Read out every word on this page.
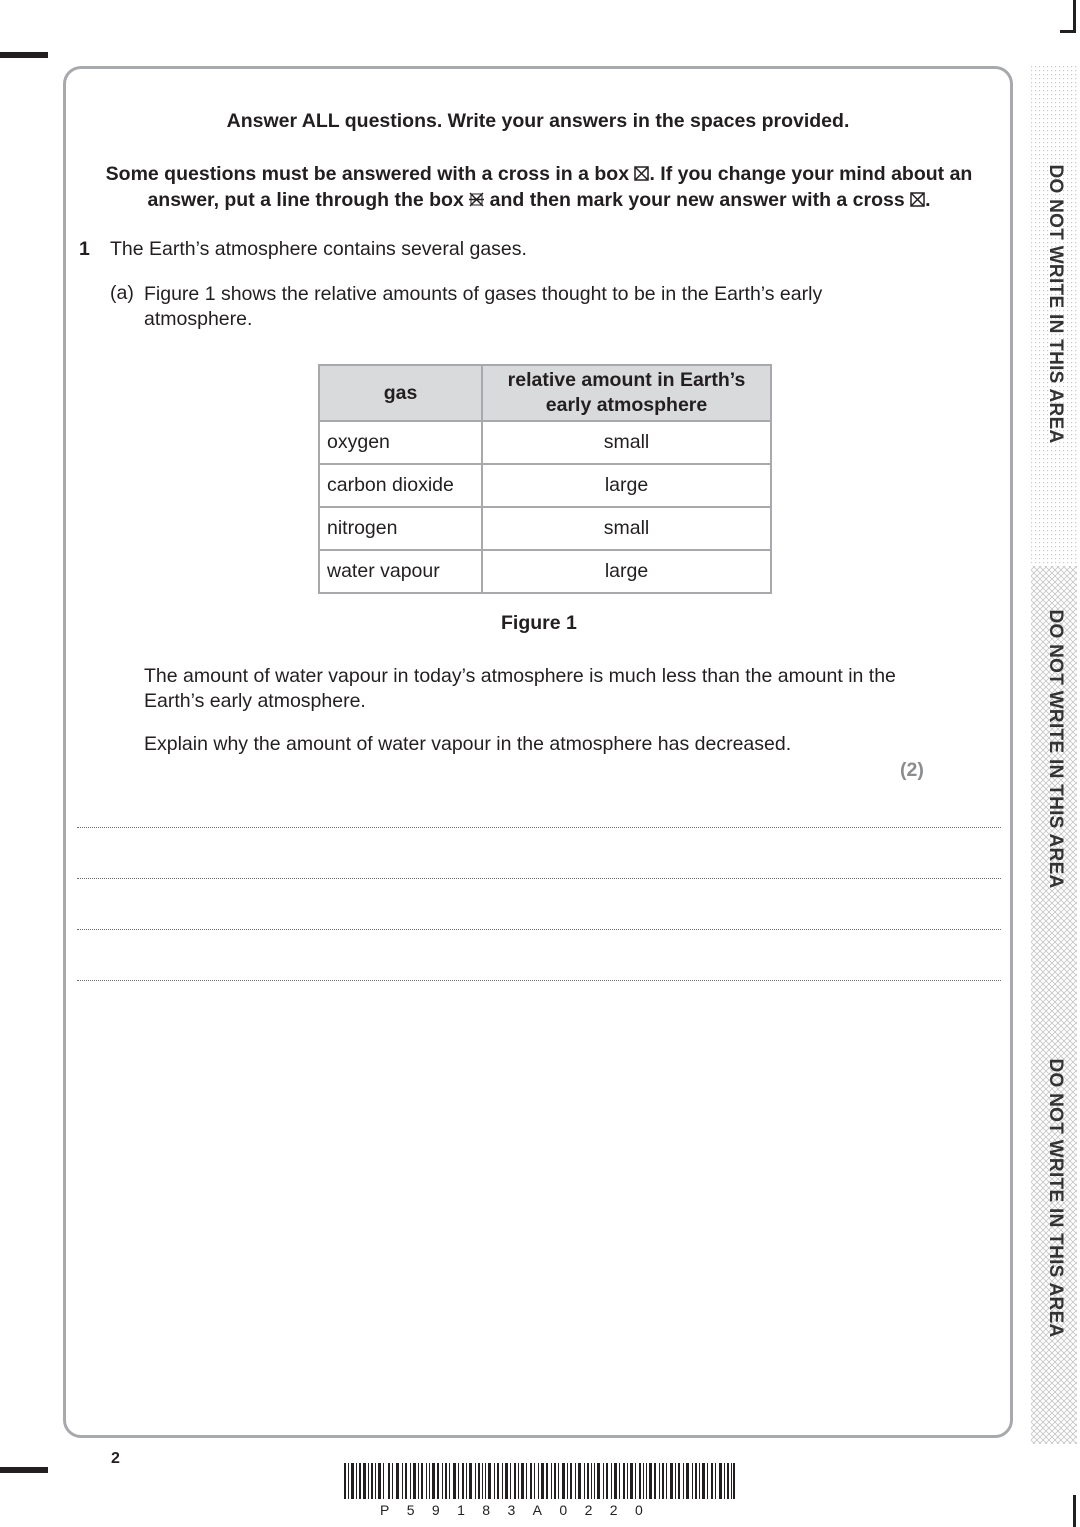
Answer ALL questions. Write your answers in the spaces provided.
Some questions must be answered with a cross in a box ☒. If you change your mind about an answer, put a line through the box and then mark your new answer with a cross ☒.
1 The Earth’s atmosphere contains several gases.
(a) Figure 1 shows the relative amounts of gases thought to be in the Earth’s early atmosphere.
gas	relative amount in Earth’s early atmosphere
oxygen	small
carbon dioxide	large
nitrogen	small
water vapour	large
Figure 1
The amount of water vapour in today’s atmosphere is much less than the amount in the Earth’s early atmosphere.
Explain why the amount of water vapour in the atmosphere has decreased.
(2)
2
P59183A0220
DO NOT WRITE IN THIS AREA
DO NOT WRITE IN THIS AREA
DO NOT WRITE IN THIS AREA
